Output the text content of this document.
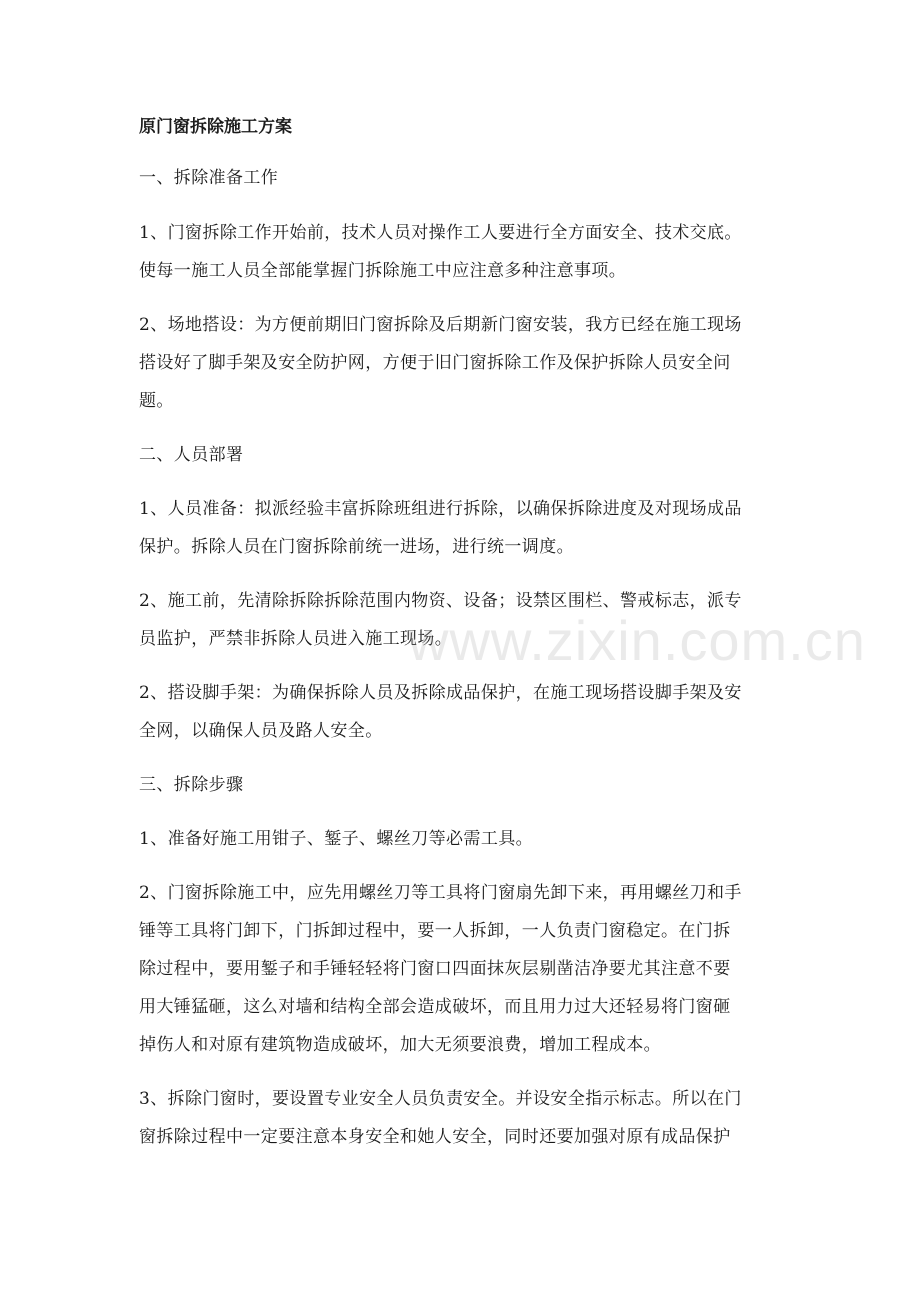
原门窗拆除施工方案
一、拆除准备工作
1、门窗拆除工作开始前，技术人员对操作工人要进行全方面安全、技术交底。
使每一施工人员全部能掌握门拆除施工中应注意多种注意事项。
2、场地搭设：为方便前期旧门窗拆除及后期新门窗安装，我方已经在施工现场
搭设好了脚手架及安全防护网，方便于旧门窗拆除工作及保护拆除人员安全问
题。
二、人员部署
1、人员准备：拟派经验丰富拆除班组进行拆除，以确保拆除进度及对现场成品
保护。拆除人员在门窗拆除前统一进场，进行统一调度。
2、施工前，先清除拆除拆除范围内物资、设备；设禁区围栏、警戒标志，派专
员监护，严禁非拆除人员进入施工现场。
2、搭设脚手架：为确保拆除人员及拆除成品保护，在施工现场搭设脚手架及安
全网，以确保人员及路人安全。
三、拆除步骤
1、准备好施工用钳子、錾子、螺丝刀等必需工具。
2、门窗拆除施工中，应先用螺丝刀等工具将门窗扇先卸下来，再用螺丝刀和手
锤等工具将门卸下，门拆卸过程中，要一人拆卸，一人负责门窗稳定。在门拆
除过程中，要用錾子和手锤轻轻将门窗口四面抹灰层剔凿洁净要尤其注意不要
用大锤猛砸，这么对墙和结构全部会造成破坏，而且用力过大还轻易将门窗砸
掉伤人和对原有建筑物造成破坏，加大无须要浪费，增加工程成本。
3、拆除门窗时，要设置专业安全人员负责安全。并设安全指示标志。所以在门
窗拆除过程中一定要注意本身安全和她人安全，同时还要加强对原有成品保护
www.zixin.com.cn
